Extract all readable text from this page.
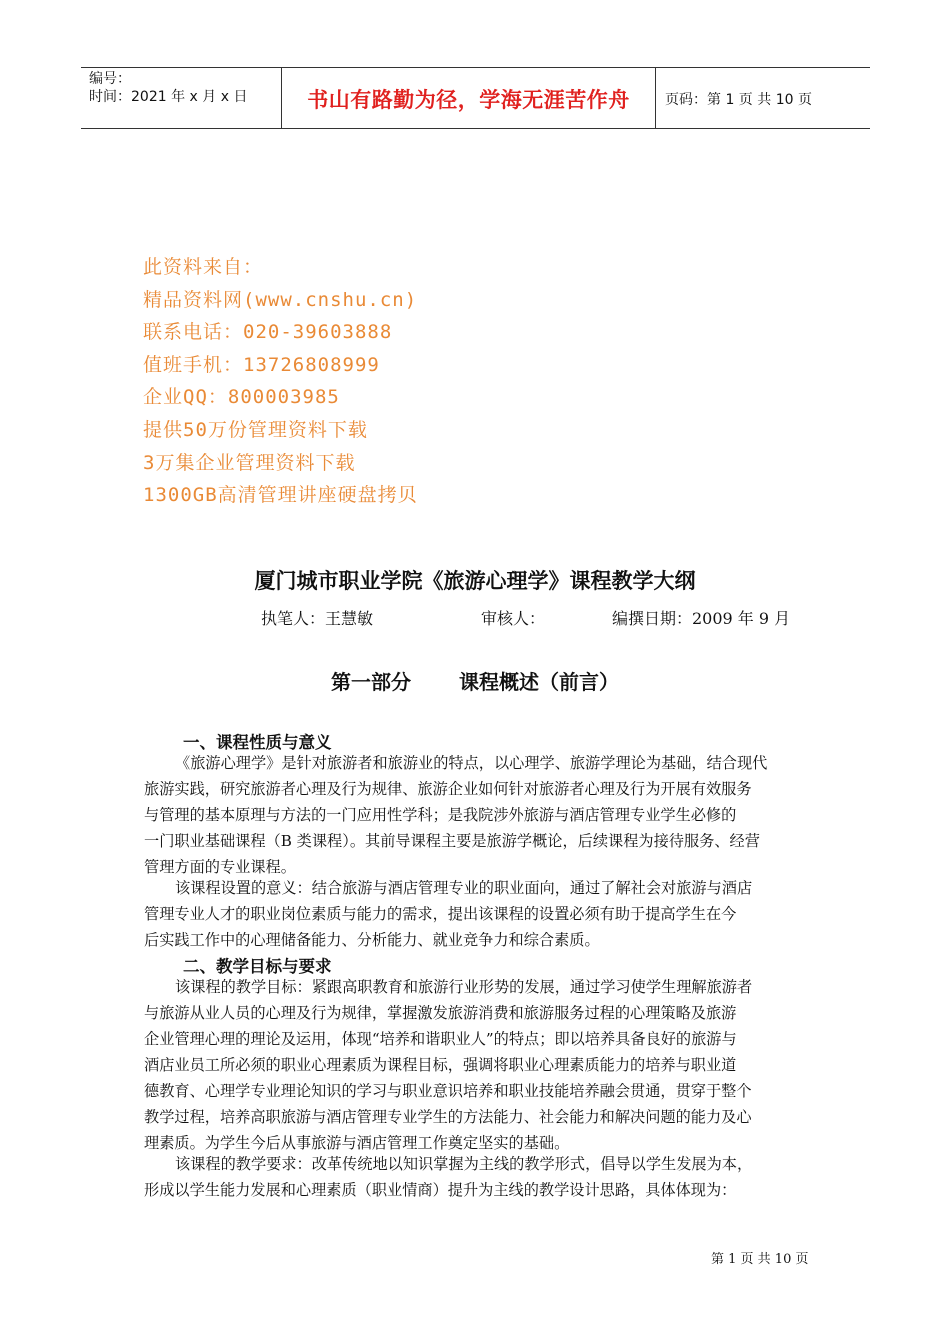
编号：
时间：2021 年 x 月 x 日	书山有路勤为径，学海无涯苦作舟	页码：第 1 页 共 10 页
此资料来自：
精品资料网(www.cnshu.cn)
联系电话：020-39603888
值班手机：13726808999
企业QQ：800003985
提供50万份管理资料下载
3万集企业管理资料下载
1300GB高清管理讲座硬盘拷贝
厦门城市职业学院《旅游心理学》课程教学大纲
执笔人：王慧敏	审核人：	编撰日期：2009 年 9 月
第一部分 课程概述（前言）
一、课程性质与意义
《旅游心理学》是针对旅游者和旅游业的特点，以心理学、旅游学理论为基础，结合现代
旅游实践，研究旅游者心理及行为规律、旅游企业如何针对旅游者心理及行为开展有效服务
与管理的基本原理与方法的一门应用性学科；是我院涉外旅游与酒店管理专业学生必修的
一门职业基础课程（B 类课程）。其前导课程主要是旅游学概论，后续课程为接待服务、经营
管理方面的专业课程。
该课程设置的意义：结合旅游与酒店管理专业的职业面向，通过了解社会对旅游与酒店
管理专业人才的职业岗位素质与能力的需求，提出该课程的设置必须有助于提高学生在今
后实践工作中的心理储备能力、分析能力、就业竞争力和综合素质。
二、教学目标与要求
该课程的教学目标：紧跟高职教育和旅游行业形势的发展，通过学习使学生理解旅游者
与旅游从业人员的心理及行为规律，掌握激发旅游消费和旅游服务过程的心理策略及旅游
企业管理心理的理论及运用，体现“培养和谐职业人”的特点；即以培养具备良好的旅游与
酒店业员工所必须的职业心理素质为课程目标，强调将职业心理素质能力的培养与职业道
德教育、心理学专业理论知识的学习与职业意识培养和职业技能培养融会贯通，贯穿于整个
教学过程，培养高职旅游与酒店管理专业学生的方法能力、社会能力和解决问题的能力及心
理素质。为学生今后从事旅游与酒店管理工作奠定坚实的基础。
该课程的教学要求：改革传统地以知识掌握为主线的教学形式，倡导以学生发展为本，
形成以学生能力发展和心理素质（职业情商）提升为主线的教学设计思路，具体体现为：
第 1 页 共 10 页
